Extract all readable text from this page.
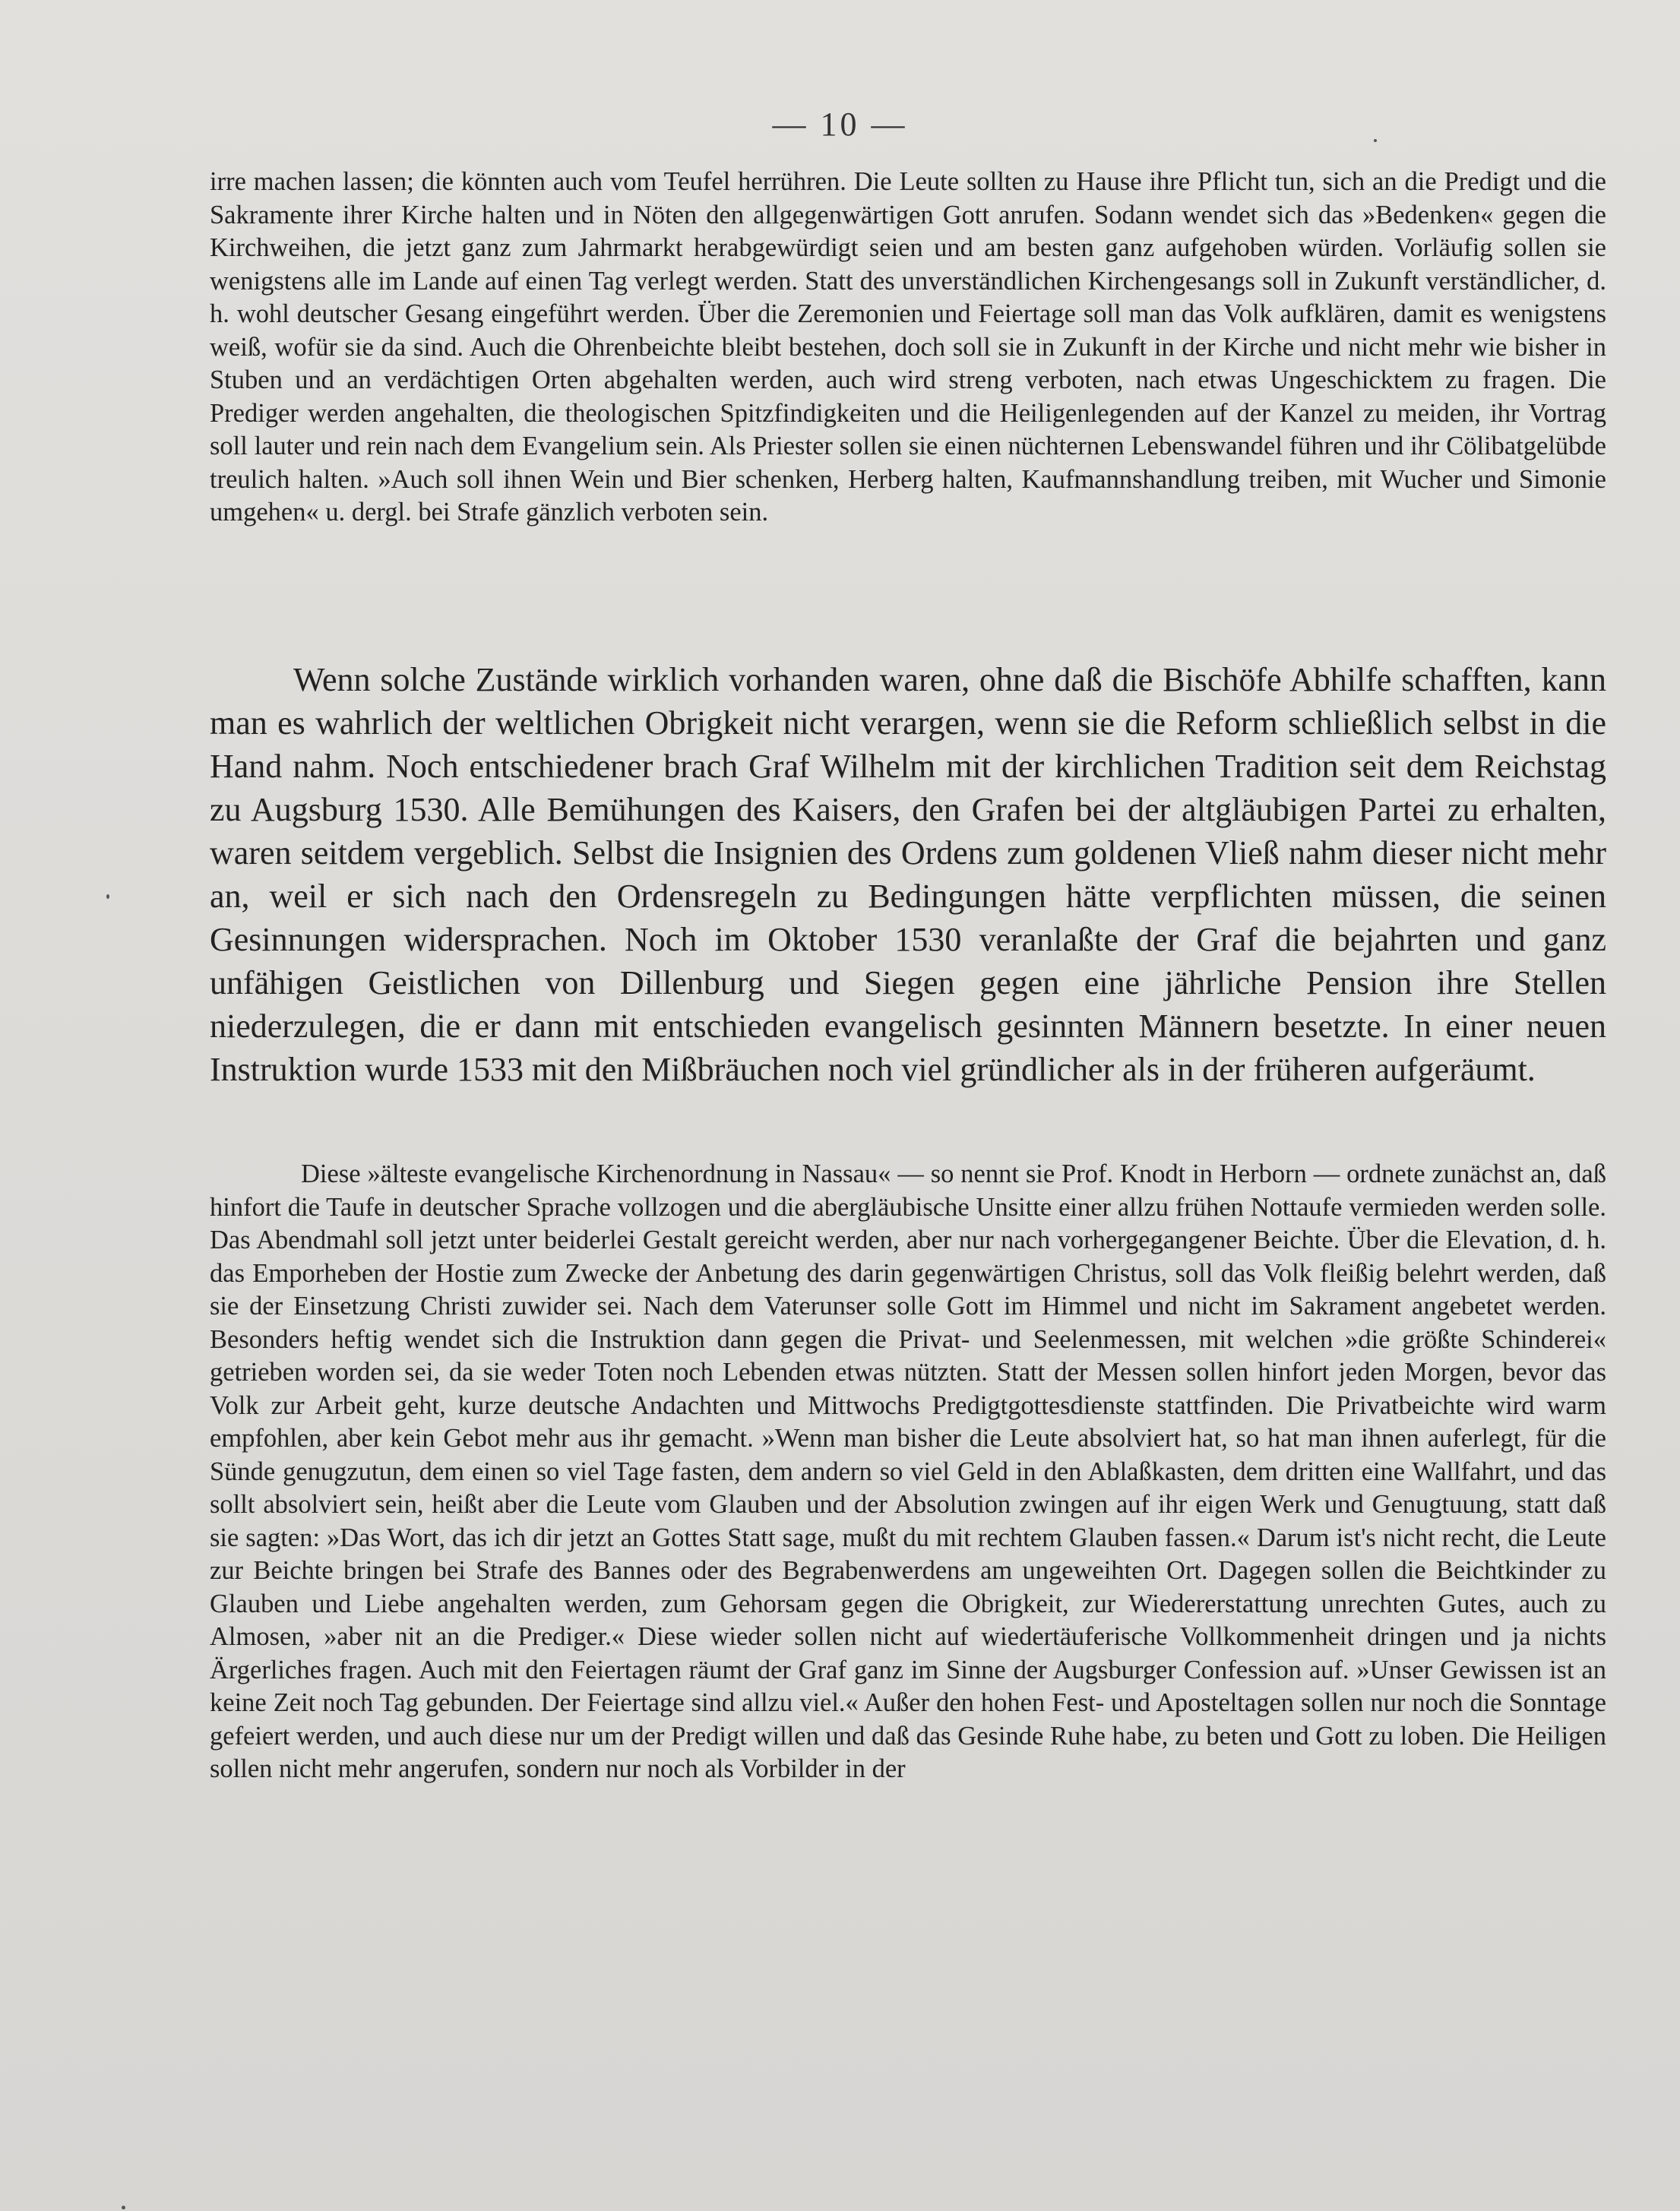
— 10 —

irre machen lassen; die könnten auch vom Teufel herrühren. Die Leute sollten zu Hause ihre Pflicht tun, sich an die Predigt und die Sakramente ihrer Kirche halten und in Nöten den allgegenwärtigen Gott anrufen. Sodann wendet sich das »Bedenken« gegen die Kirchweihen, die jetzt ganz zum Jahrmarkt herabgewürdigt seien und am besten ganz aufgehoben würden. Vorläufig sollen sie wenigstens alle im Lande auf einen Tag verlegt werden. Statt des unverständlichen Kirchengesangs soll in Zukunft verständlicher, d. h. wohl deutscher Gesang eingeführt werden. Über die Zeremonien und Feiertage soll man das Volk aufklären, damit es wenigstens weiß, wofür sie da sind. Auch die Ohrenbeichte bleibt bestehen, doch soll sie in Zukunft in der Kirche und nicht mehr wie bisher in Stuben und an verdächtigen Orten abgehalten werden, auch wird streng verboten, nach etwas Ungeschicktem zu fragen. Die Prediger werden angehalten, die theologischen Spitzfindigkeiten und die Heiligenlegenden auf der Kanzel zu meiden, ihr Vortrag soll lauter und rein nach dem Evangelium sein. Als Priester sollen sie einen nüchternen Lebenswandel führen und ihr Cölibatgelübde treulich halten. »Auch soll ihnen Wein und Bier schenken, Herberg halten, Kaufmannshandlung treiben, mit Wucher und Simonie umgehen« u. dergl. bei Strafe gänzlich verboten sein.

Wenn solche Zustände wirklich vorhanden waren, ohne daß die Bischöfe Abhilfe schafften, kann man es wahrlich der weltlichen Obrigkeit nicht verargen, wenn sie die Reform schließlich selbst in die Hand nahm. Noch entschiedener brach Graf Wilhelm mit der kirchlichen Tradition seit dem Reichstag zu Augsburg 1530. Alle Bemühungen des Kaisers, den Grafen bei der altgläubigen Partei zu erhalten, waren seitdem vergeblich. Selbst die Insignien des Ordens zum goldenen Vließ nahm dieser nicht mehr an, weil er sich nach den Ordensregeln zu Bedingungen hätte verpflichten müssen, die seinen Gesinnungen widersprachen. Noch im Oktober 1530 veranlaßte der Graf die bejahrten und ganz unfähigen Geistlichen von Dillenburg und Siegen gegen eine jährliche Pension ihre Stellen niederzulegen, die er dann mit entschieden evangelisch gesinnten Männern besetzte. In einer neuen Instruktion wurde 1533 mit den Mißbräuchen noch viel gründlicher als in der früheren aufgeräumt.

Diese »älteste evangelische Kirchenordnung in Nassau« — so nennt sie Prof. Knodt in Herborn — ordnete zunächst an, daß hinfort die Taufe in deutscher Sprache vollzogen und die abergläubische Unsitte einer allzu frühen Nottaufe vermieden werden solle. Das Abendmahl soll jetzt unter beiderlei Gestalt gereicht werden, aber nur nach vorhergegangener Beichte. Über die Elevation, d. h. das Emporheben der Hostie zum Zwecke der Anbetung des darin gegenwärtigen Christus, soll das Volk fleißig belehrt werden, daß sie der Einsetzung Christi zuwider sei. Nach dem Vaterunser solle Gott im Himmel und nicht im Sakrament angebetet werden. Besonders heftig wendet sich die Instruktion dann gegen die Privat- und Seelenmessen, mit welchen »die größte Schinderei« getrieben worden sei, da sie weder Toten noch Lebenden etwas nützten. Statt der Messen sollen hinfort jeden Morgen, bevor das Volk zur Arbeit geht, kurze deutsche Andachten und Mittwochs Predigtgottesdienste stattfinden. Die Privatbeichte wird warm empfohlen, aber kein Gebot mehr aus ihr gemacht. »Wenn man bisher die Leute absolviert hat, so hat man ihnen auferlegt, für die Sünde genugzutun, dem einen so viel Tage fasten, dem andern so viel Geld in den Ablaßkasten, dem dritten eine Wallfahrt, und das sollt absolviert sein, heißt aber die Leute vom Glauben und der Absolution zwingen auf ihr eigen Werk und Genugtuung, statt daß sie sagten: »Das Wort, das ich dir jetzt an Gottes Statt sage, mußt du mit rechtem Glauben fassen.« Darum ist's nicht recht, die Leute zur Beichte bringen bei Strafe des Bannes oder des Begrabenwerdens am ungeweihten Ort. Dagegen sollen die Beichtkinder zu Glauben und Liebe angehalten werden, zum Gehorsam gegen die Obrigkeit, zur Wiedererstattung unrechten Gutes, auch zu Almosen, »aber nit an die Prediger.« Diese wieder sollen nicht auf wiedertäuferische Vollkommenheit dringen und ja nichts Ärgerliches fragen. Auch mit den Feiertagen räumt der Graf ganz im Sinne der Augsburger Confession auf. »Unser Gewissen ist an keine Zeit noch Tag gebunden. Der Feiertage sind allzu viel.« Außer den hohen Fest- und Aposteltagen sollen nur noch die Sonntage gefeiert werden, und auch diese nur um der Predigt willen und daß das Gesinde Ruhe habe, zu beten und Gott zu loben. Die Heiligen sollen nicht mehr angerufen, sondern nur noch als Vorbilder in der
